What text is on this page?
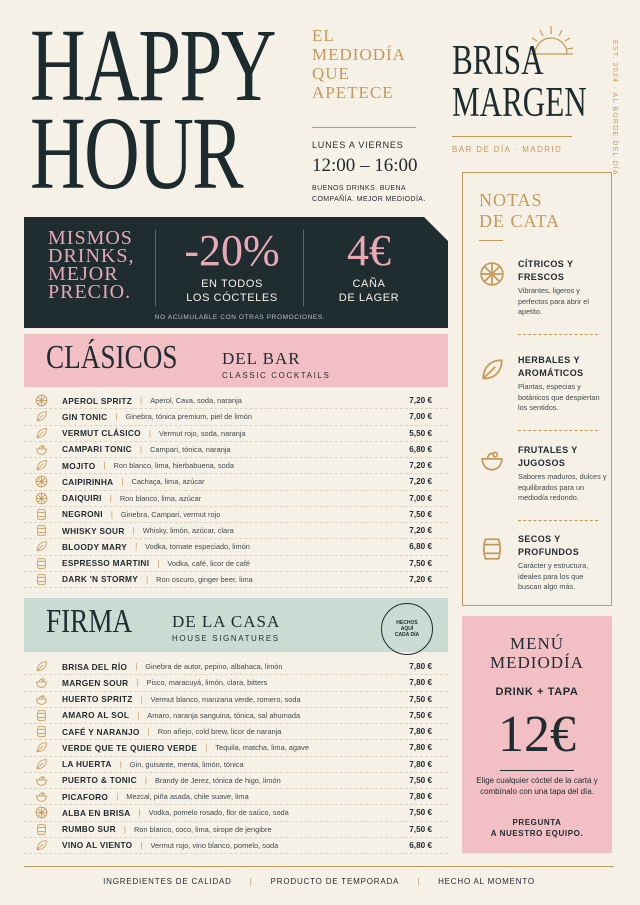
HAPPY
HOUR
EL
MEDIODÍA
QUE
APETECE
LUNES A VIERNES
12:00 – 16:00
BUENOS DRINKS. BUENA COMPAÑÍA. MEJOR MEDIODÍA.
BRISA
MARGEN
BAR DE DÍA · MADRID	EST. 2024 · AL BORDE DEL DÍA
MISMOS
DRINKS,
MEJOR
PRECIO.
-20%
EN TODOS
LOS CÓCTELES
4€
CAÑA
DE LAGER
NO ACUMULABLE CON OTRAS PROMOCIONES.
CLÁSICOS	DEL BAR
CLASSIC COCKTAILS
APEROL SPRITZ | Aperol, Cava, soda, naranja	7,20 €
GIN TONIC | Ginebra, tónica premium, piel de limón	7,00 €
VERMUT CLÁSICO | Vermut rojo, soda, naranja	5,50 €
CAMPARI TONIC | Campari, tónica, naranja	6,80 €
MOJITO | Ron blanco, lima, hierbabuena, soda	7,20 €
CAIPIRINHA | Cachaça, lima, azúcar	7,20 €
DAIQUIRI | Ron blanco, lima, azúcar	7,00 €
NEGRONI | Ginebra, Campari, vermut rojo	7,50 €
WHISKY SOUR | Whisky, limón, azúcar, clara	7,20 €
BLOODY MARY | Vodka, tomate especiado, limón	6,80 €
ESPRESSO MARTINI | Vodka, café, licor de café	7,50 €
DARK 'N STORMY | Ron oscuro, ginger beer, lima	7,20 €
FIRMA DE LA CASA
HOUSE SIGNATURES
HECHOS
AQUÍ
CADA DÍA
BRISA DEL RÍO | Ginebra de autor, pepino, albahaca, limón	7,80 €
MARGEN SOUR | Pisco, maracuyá, limón, clara, bitters	7,80 €
HUERTO SPRITZ | Vermut blanco, manzana verde, romero, soda	7,50 €
AMARO AL SOL | Amaro, naranja sanguina, tónica, sal ahumada	7,50 €
CAFÉ Y NARANJO | Ron añejo, cold brew, licor de naranja	7,80 €
VERDE QUE TE QUIERO VERDE | Tequila, matcha, lima, agave	7,80 €
LA HUERTA | Gin, guisante, menta, limón, tónica	7,80 €
PUERTO & TONIC | Brandy de Jerez, tónica de higo, limón	7,50 €
PICAFORO | Mezcal, piña asada, chile suave, lima	7,80 €
ALBA EN BRISA | Vodka, pomelo rosado, flor de saúco, soda	7,50 €
RUMBO SUR | Ron blanco, coco, lima, sirope de jengibre	7,50 €
VINO AL VIENTO | Vermut rojo, vino blanco, pomelo, soda	6,80 €
NOTAS
DE CATA
CÍTRICOS Y
FRESCOS
Vibrantes, ligeros y perfectos para abrir el apetito.
HERBALES Y
AROMÁTICOS
Plantas, especias y botánicos que despiertan los sentidos.
FRUTALES Y
JUGOSOS
Sabores maduros, dulces y equilibrados para un mediodía redondo.
SECOS Y
PROFUNDOS
Carácter y estructura, ideales para los que buscan algo más.
MENÚ
MEDIODÍA
DRINK + TAPA
12€
Elige cualquier cóctel de la carta y combínalo con una tapa del día.
PREGUNTA
A NUESTRO EQUIPO.
INGREDIENTES DE CALIDAD | PRODUCTO DE TEMPORADA | HECHO AL MOMENTO
